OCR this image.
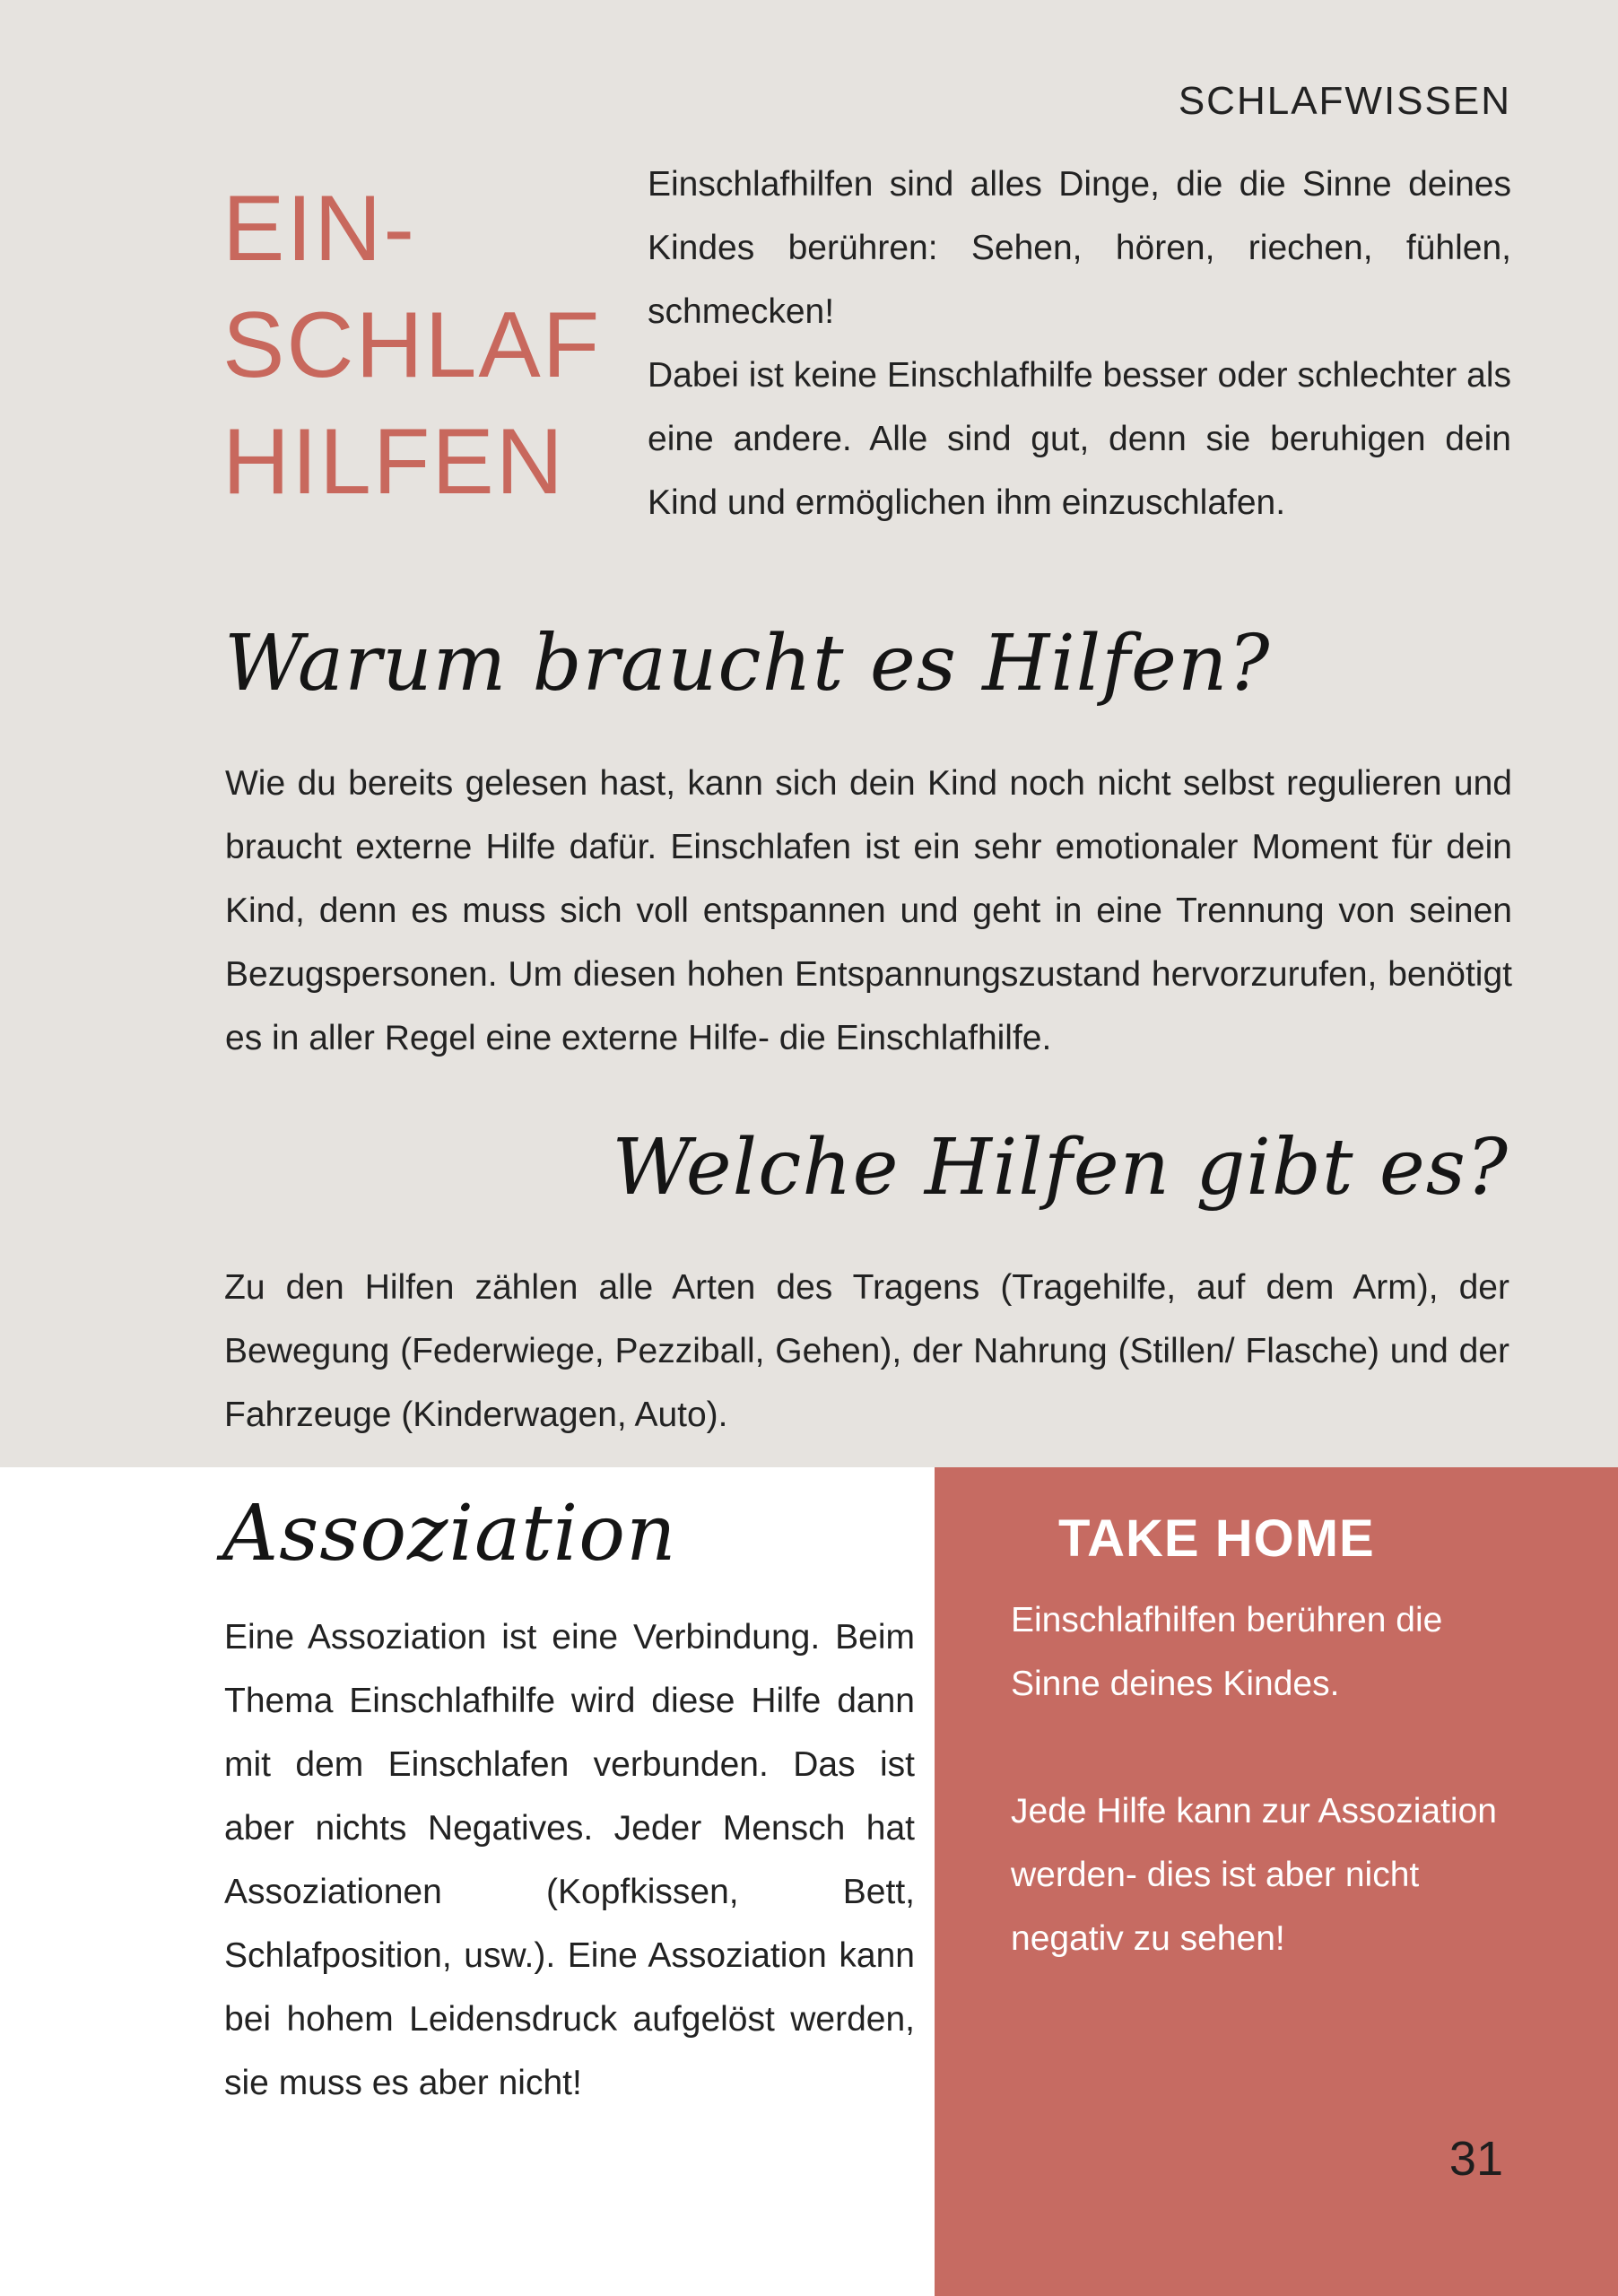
SCHLAFWISSEN
EIN-
SCHLAF
HILFEN

Einschlafhilfen sind alles Dinge, die die Sinne deines Kindes berühren: Sehen, hören, riechen, fühlen, schmecken!

Dabei ist keine Einschlafhilfe besser oder schlechter als eine andere. Alle sind gut, denn sie beruhigen dein Kind und ermöglichen ihm einzuschlafen.

Warum braucht es Hilfen?

Wie du bereits gelesen hast, kann sich dein Kind noch nicht selbst regulieren und braucht externe Hilfe dafür. Einschlafen ist ein sehr emotionaler Moment für dein Kind, denn es muss sich voll entspannen und geht in eine Trennung von seinen Bezugspersonen. Um diesen hohen Entspannungszustand hervorzurufen, benötigt es in aller Regel eine externe Hilfe- die Einschlafhilfe.

Welche Hilfen gibt es?

Zu den Hilfen zählen alle Arten des Tragens (Tragehilfe, auf dem Arm), der Bewegung (Federwiege, Pezziball, Gehen), der Nahrung (Stillen/ Flasche) und der Fahrzeuge (Kinderwagen, Auto).

Assoziation

Eine Assoziation ist eine Verbindung. Beim Thema Einschlafhilfe wird diese Hilfe dann mit dem Einschlafen verbunden. Das ist aber nichts Negatives. Jeder Mensch hat Assoziationen (Kopfkissen, Bett, Schlafposition, usw.). Eine Assoziation kann bei hohem Leidensdruck aufgelöst werden, sie muss es aber nicht!

TAKE HOME

Einschlafhilfen berühren die Sinne deines Kindes.

Jede Hilfe kann zur Assoziation werden- dies ist aber nicht negativ zu sehen!

31
